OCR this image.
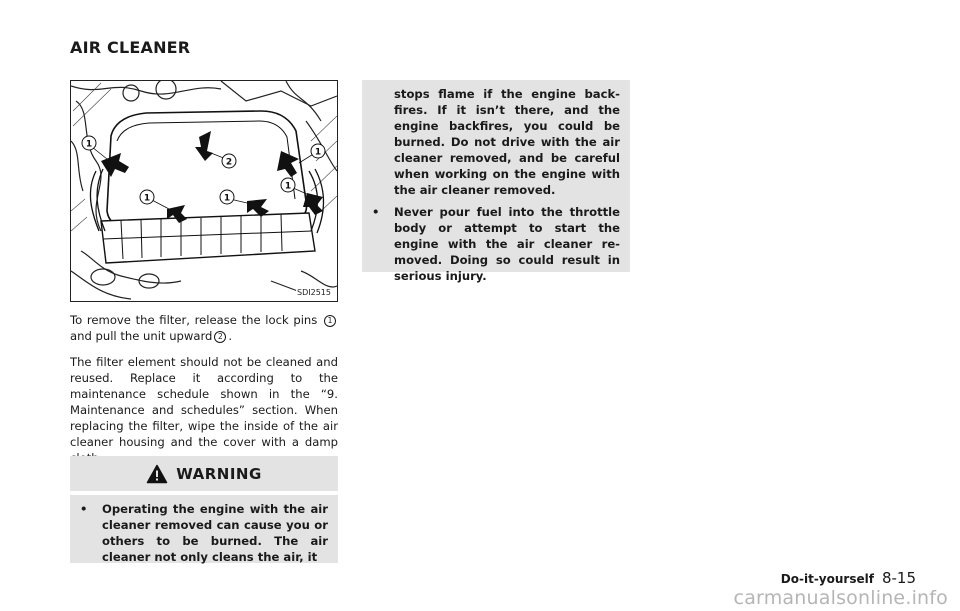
AIR CLEANER
1
2
1
1	1
1
SDI2515

To remove the filter, release the lock pins 1and pull the unit upward 2 .

The filter element should not be cleaned and reused. Replace it according to the maintenance schedule shown in the “9. Maintenance and schedules” section. When replacing the filter, wipe the inside of the air cleaner housing and the cover with a damp

WARNING
•	Operating the engine with the air cleaner removed can cause you or others to be burned. The air cleaner not only cleans the air, it
stops flame if the engine back-fires. If it isn’t there, and the engine backfires, you could be burned. Do not drive with the air cleaner removed, and be careful when working on the engine with the air cleaner removed.
•	Never pour fuel into the throttle body or attempt to start the engine with the air cleaner re-moved. Doing so could result in serious injury.
Do-it-yourself 8-15
carmanualsonline.info
